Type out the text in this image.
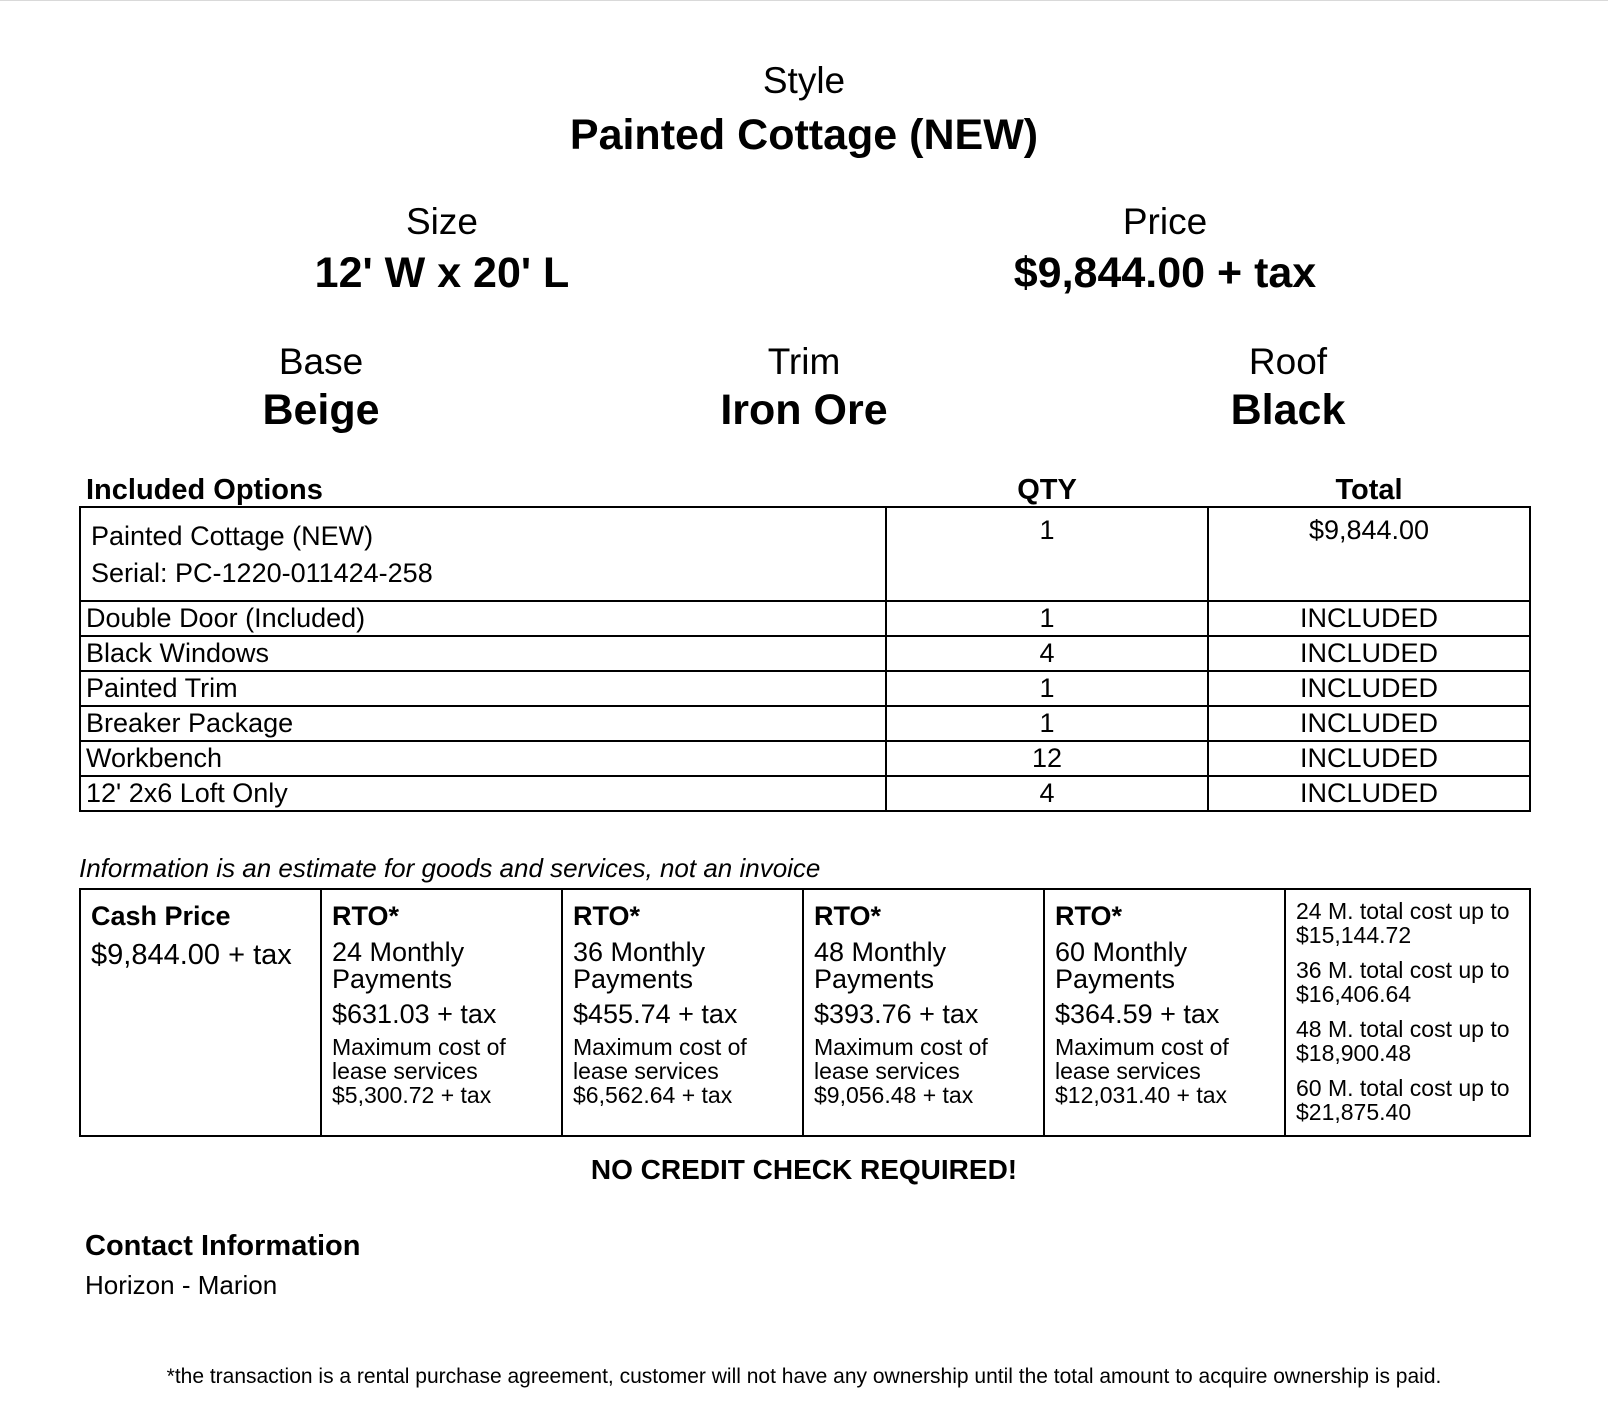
Style
Painted Cottage (NEW)
Size
12' W x 20' L
Price
$9,844.00 + tax
Base
Beige
Trim
Iron Ore
Roof
Black
Included Options	QTY	Total

Painted Cottage (NEW)
Serial: PC-1220-011424-258	1	$9,844.00
Double Door (Included)	1	INCLUDED
Black Windows	4	INCLUDED
Painted Trim	1	INCLUDED
Breaker Package	1	INCLUDED
Workbench	12	INCLUDED
12' 2x6 Loft Only	4	INCLUDED
Information is an estimate for goods and services, not an invoice
Cash Price
$9,844.00 + tax

RTO*
24 Monthly Payments
$631.03 + tax
Maximum cost of lease services
$5,300.72 + tax

RTO*
36 Monthly Payments
$455.74 + tax
Maximum cost of lease services
$6,562.64 + tax

RTO*
48 Monthly Payments
$393.76 + tax
Maximum cost of lease services
$9,056.48 + tax

RTO*
60 Monthly Payments
$364.59 + tax
Maximum cost of lease services
$12,031.40 + tax

24 M. total cost up to $15,144.72
36 M. total cost up to $16,406.64
48 M. total cost up to $18,900.48
60 M. total cost up to $21,875.40
NO CREDIT CHECK REQUIRED!
Contact Information
Horizon - Marion
*the transaction is a rental purchase agreement, customer will not have any ownership until the total amount to acquire ownership is paid.
